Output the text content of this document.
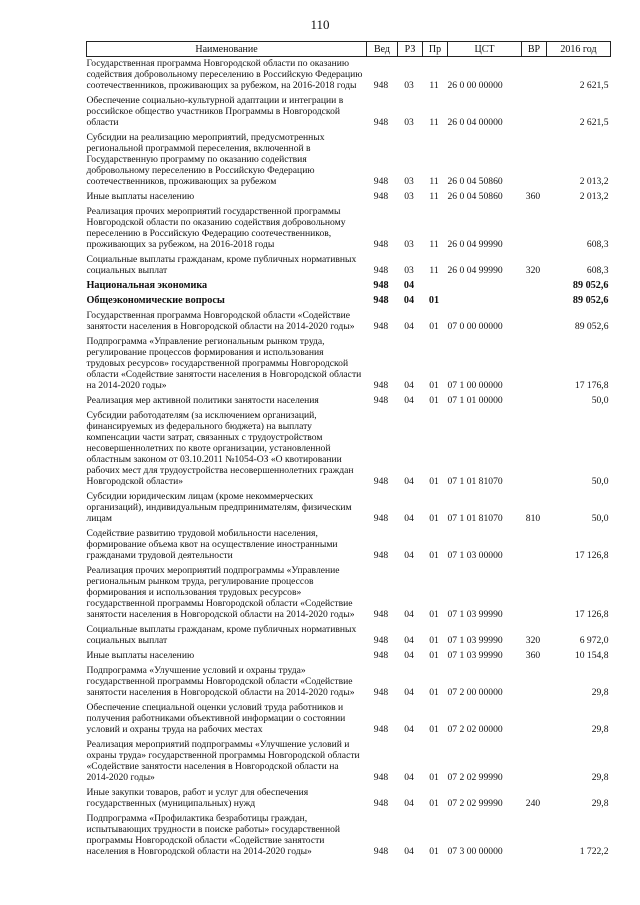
110
Наименование	Вед	РЗ	Пр	ЦСТ	ВР	2016 год
Государственная программа Новгородской области по оказанию содействия добровольному переселению в Российскую Федерацию соотечественников, проживающих за рубежом, на 2016-2018 годы	948	03	11	26 0 00 00000		2 621,5
Обеспечение социально-культурной адаптации и интеграции в российское общество участников Программы в Новгородской области	948	03	11	26 0 04 00000		2 621,5
Субсидии на реализацию мероприятий, предусмотренных региональной программой переселения, включенной в Государственную программу по оказанию содействия добровольному переселению в Российскую Федерацию соотечественников, проживающих за рубежом	948	03	11	26 0 04 50860		2 013,2
Иные выплаты населению	948	03	11	26 0 04 50860	360	2 013,2
Реализация прочих мероприятий государственной программы Новгородской области по оказанию содействия добровольному переселению в Российскую Федерацию соотечественников, проживающих за рубежом, на 2016-2018 годы	948	03	11	26 0 04 99990		608,3
Социальные выплаты гражданам, кроме публичных нормативных социальных выплат	948	03	11	26 0 04 99990	320	608,3
Национальная экономика	948	04				89 052,6
Общеэкономические вопросы	948	04	01			89 052,6
Государственная программа Новгородской области «Содействие занятости населения в Новгородской области на 2014-2020 годы»	948	04	01	07 0 00 00000		89 052,6
Подпрограмма «Управление региональным рынком труда, регулирование процессов формирования и использования трудовых ресурсов» государственной программы Новгородской области «Содействие занятости населения в Новгородской области на 2014-2020 годы»	948	04	01	07 1 00 00000		17 176,8
Реализация мер активной политики занятости населения	948	04	01	07 1 01 00000		50,0
Субсидии работодателям (за исключением организаций, финансируемых из федерального бюджета) на выплату компенсации части затрат, связанных с трудоустройством несовершеннолетних по квоте организации, установленной областным законом от 03.10.2011 №1054-ОЗ «О квотировании рабочих мест для трудоустройства несовершеннолетних граждан Новгородской области»	948	04	01	07 1 01 81070		50,0
Субсидии юридическим лицам (кроме некоммерческих организаций), индивидуальным предпринимателям, физическим лицам	948	04	01	07 1 01 81070	810	50,0
Содействие развитию трудовой мобильности населения, формирование объема квот на осуществление иностранными гражданами трудовой деятельности	948	04	01	07 1 03 00000		17 126,8
Реализация прочих мероприятий подпрограммы «Управление региональным рынком труда, регулирование процессов формирования и использования трудовых ресурсов» государственной программы Новгородской области «Содействие занятости населения в Новгородской области на 2014-2020 годы»	948	04	01	07 1 03 99990		17 126,8
Социальные выплаты гражданам, кроме публичных нормативных социальных выплат	948	04	01	07 1 03 99990	320	6 972,0
Иные выплаты населению	948	04	01	07 1 03 99990	360	10 154,8
Подпрограмма «Улучшение условий и охраны труда» государственной программы Новгородской области «Содействие занятости населения в Новгородской области на 2014-2020 годы»	948	04	01	07 2 00 00000		29,8
Обеспечение специальной оценки условий труда работников и получения работниками объективной информации о состоянии условий и охраны труда на рабочих местах	948	04	01	07 2 02 00000		29,8
Реализация мероприятий подпрограммы «Улучшение условий и охраны труда» государственной программы Новгородской области «Содействие занятости населения в Новгородской области на 2014-2020 годы»	948	04	01	07 2 02 99990		29,8
Иные закупки товаров, работ и услуг для обеспечения государственных (муниципальных) нужд	948	04	01	07 2 02 99990	240	29,8
Подпрограмма «Профилактика безработицы граждан, испытывающих трудности в поиске работы» государственной программы Новгородской области «Содействие занятости населения в Новгородской области на 2014-2020 годы»	948	04	01	07 3 00 00000		1 722,2
